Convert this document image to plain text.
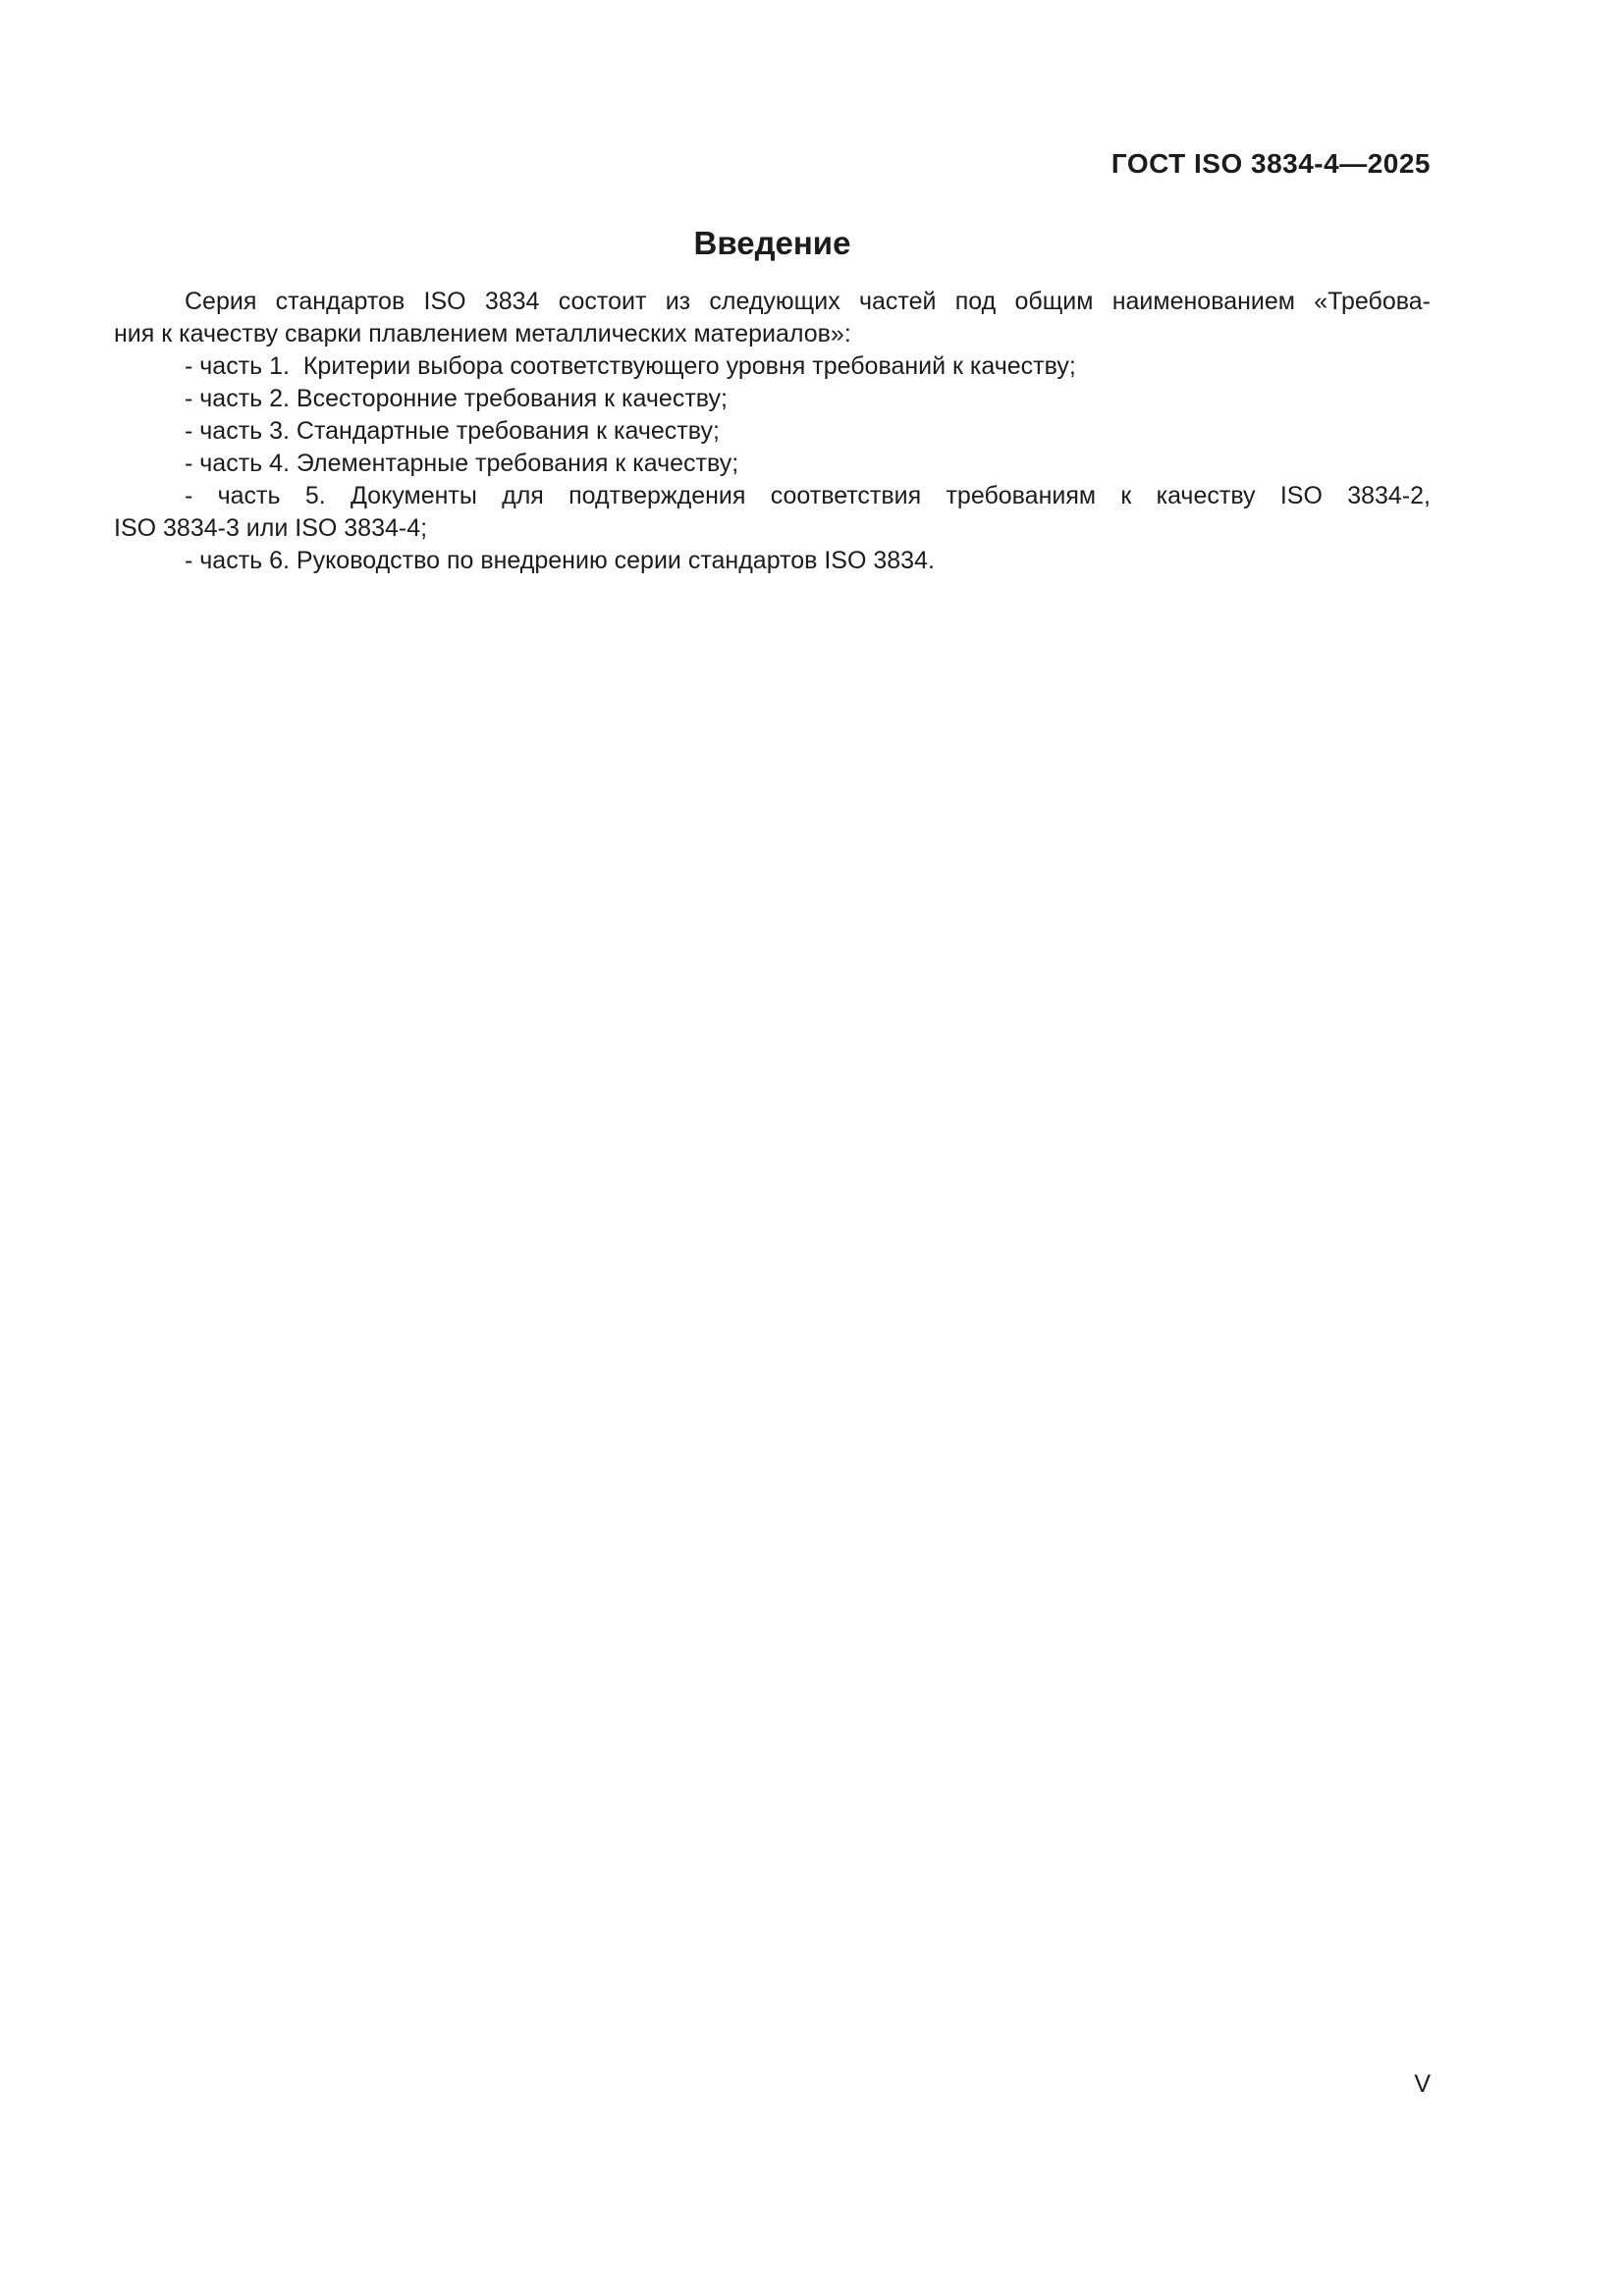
ГОСТ ISO 3834-4—2025
Введение
Серия стандартов ISO 3834 состоит из следующих частей под общим наименованием «Требова-
ния к качеству сварки плавлением металлических материалов»:
- часть 1.  Критерии выбора соответствующего уровня требований к качеству;
- часть 2. Всесторонние требования к качеству;
- часть 3. Стандартные требования к качеству;
- часть 4. Элементарные требования к качеству;
- часть 5. Документы для подтверждения соответствия требованиям к качеству ISO 3834-2,
ISO 3834-3 или ISO 3834-4;
- часть 6. Руководство по внедрению серии стандартов ISO 3834.
V
